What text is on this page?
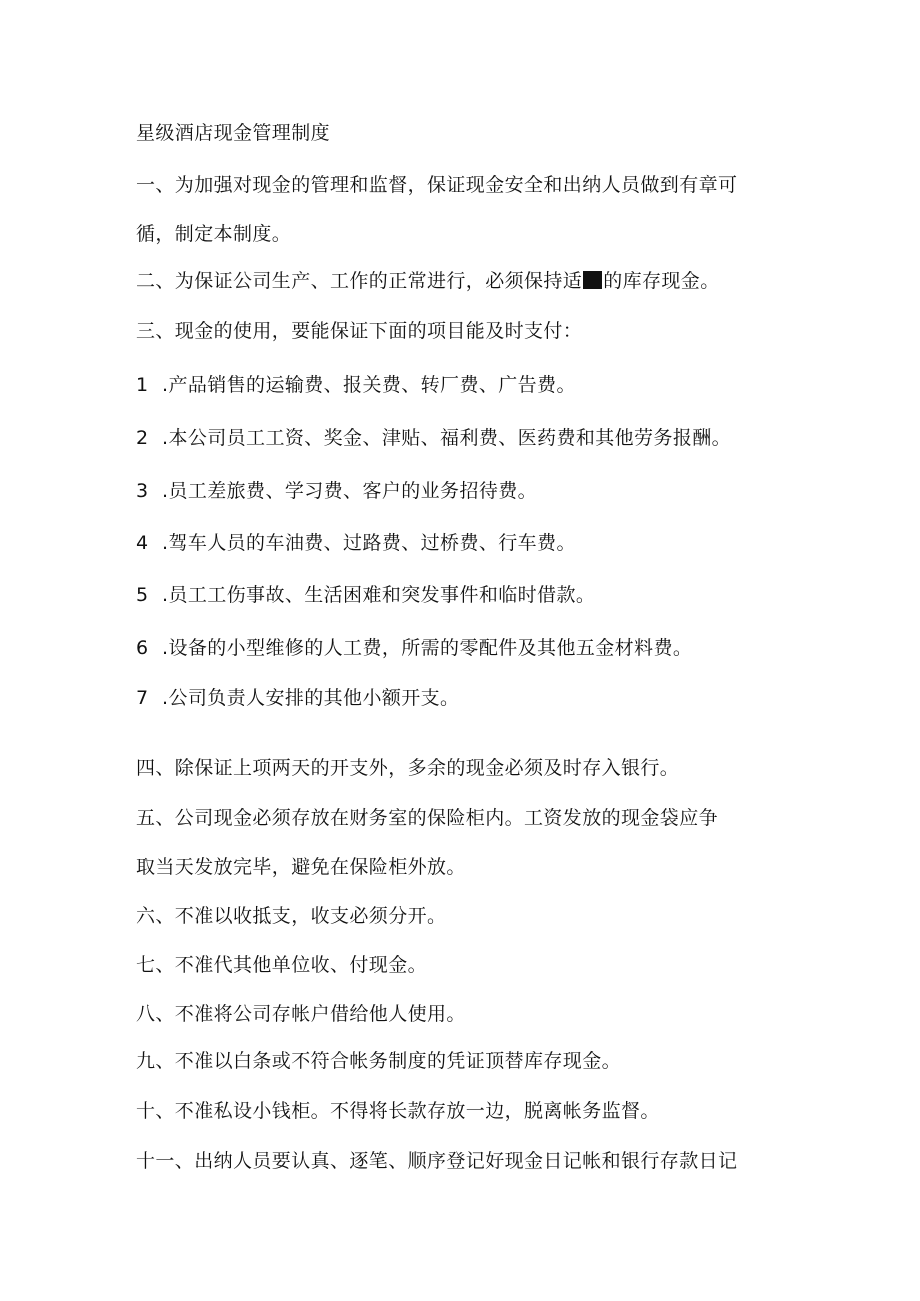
星级酒店现金管理制度
一、为加强对现金的管理和监督，保证现金安全和出纳人员做到有章可
循，制定本制度。
二、为保证公司生产、工作的正常进行，必须保持适 的库存现金。
三、现金的使用，要能保证下面的项目能及时支付：
1 .产品销售的运输费、报关费、转厂费、广告费。
2 .本公司员工工资、奖金、津贴、福利费、医药费和其他劳务报酬。
3 .员工差旅费、学习费、客户的业务招待费。
4 .驾车人员的车油费、过路费、过桥费、行车费。
5 .员工工伤事故、生活困难和突发事件和临时借款。
6 .设备的小型维修的人工费，所需的零配件及其他五金材料费。
7 .公司负责人安排的其他小额开支。
四、除保证上项两天的开支外，多余的现金必须及时存入银行。
五、公司现金必须存放在财务室的保险柜内。工资发放的现金袋应争
取当天发放完毕，避免在保险柜外放。
六、不准以收抵支，收支必须分开。
七、不准代其他单位收、付现金。
八、不准将公司存帐户借给他人使用。
九、不准以白条或不符合帐务制度的凭证顶替库存现金。
十、不准私设小钱柜。不得将长款存放一边，脱离帐务监督。
十一、出纳人员要认真、逐笔、顺序登记好现金日记帐和银行存款日记
